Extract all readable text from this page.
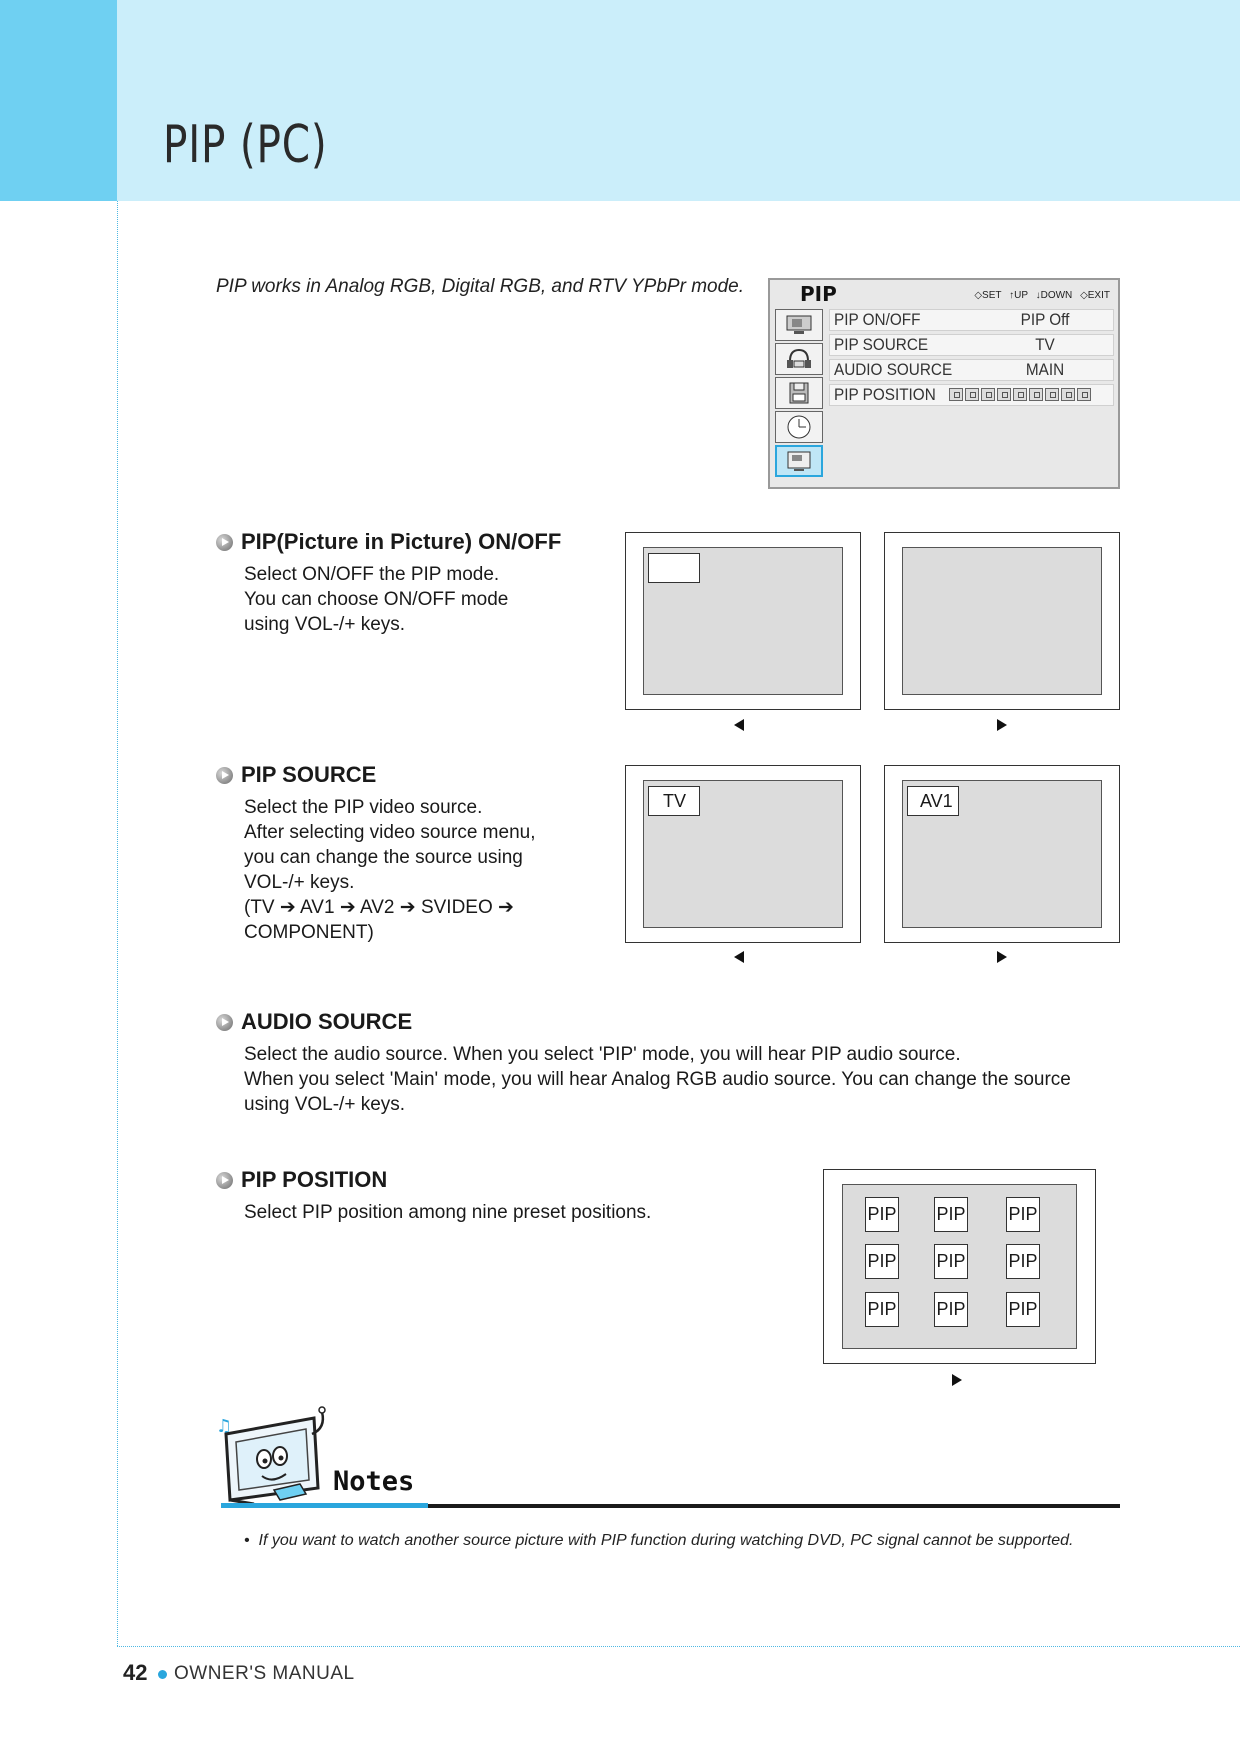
PIP (PC)
PIP works in Analog RGB, Digital RGB, and RTV YPbPr mode.	PIP	◇SET ↑UP ↓DOWN ◇EXIT
PIP ON/OFF	PIP Off
PIP SOURCE	TV
AUDIO SOURCE	MAIN
PIP POSITION
PIP(Picture in Picture) ON/OFF
Select ON/OFF the PIP mode.
You can choose ON/OFF mode
using VOL-/+ keys.
PIP SOURCE
Select the PIP video source.
After selecting video source menu,
you can change the source using
VOL-/+ keys.
(TV ➔ AV1 ➔ AV2 ➔ SVIDEO ➔
COMPONENT)
TV	AV1
AUDIO SOURCE
Select the audio source. When you select 'PIP' mode, you will hear PIP audio source.
When you select 'Main' mode, you will hear Analog RGB audio source. You can change the source
using VOL-/+ keys.
PIP POSITION
Select PIP position among nine preset positions.	PIP PIP PIP
PIP PIP PIP
PIP PIP PIP
♫
Notes
•  If you want to watch another source picture with PIP function during watching DVD, PC signal cannot be supported.
42 OWNER'S MANUAL
